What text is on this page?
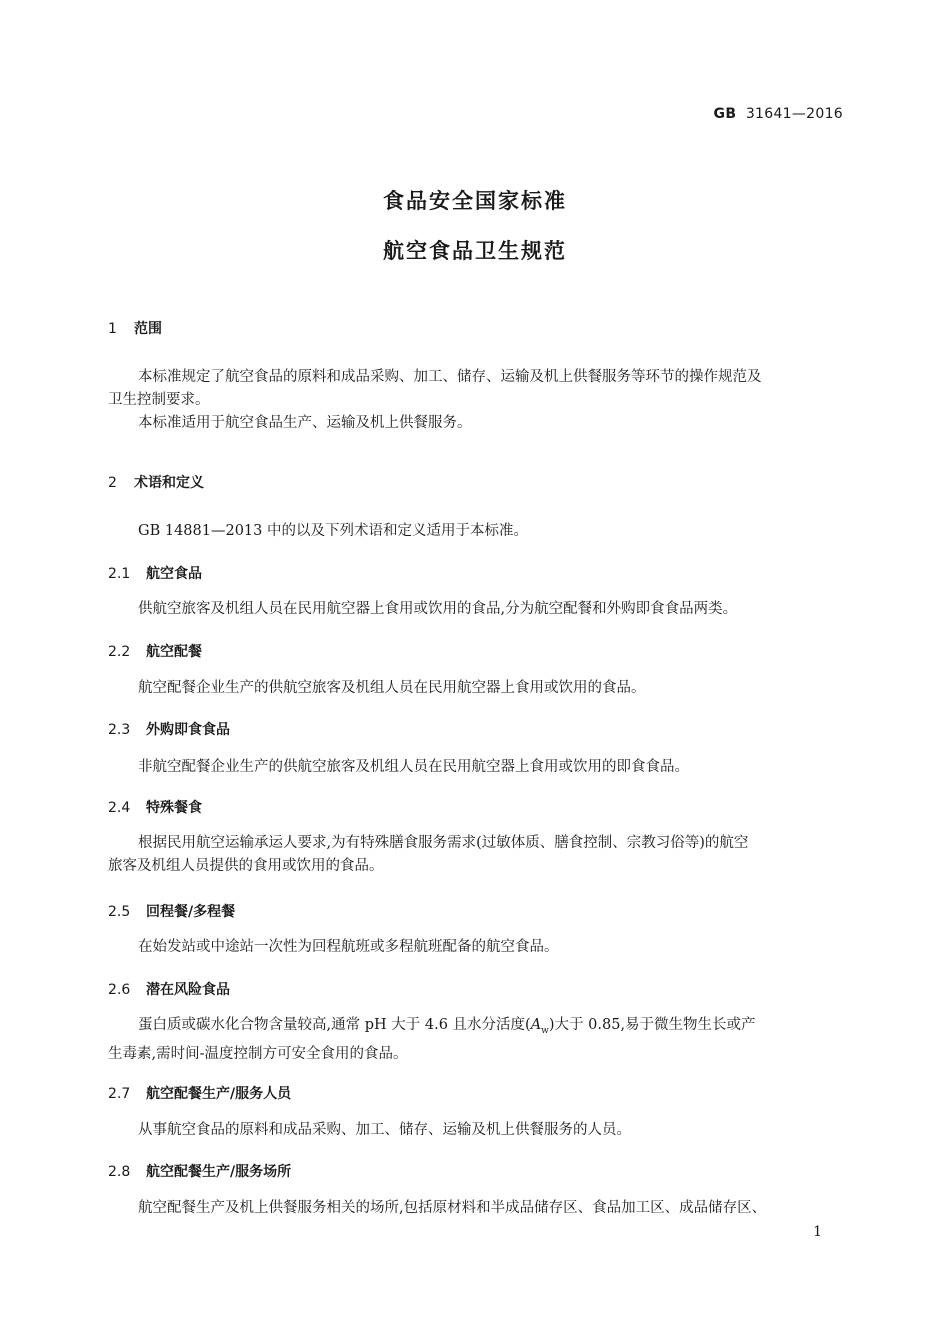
GB 31641—2016
食品安全国家标准
航空食品卫生规范
1 范围
本标准规定了航空食品的原料和成品采购、加工、储存、运输及机上供餐服务等环节的操作规范及
卫生控制要求。
本标准适用于航空食品生产、运输及机上供餐服务。
2 术语和定义
GB 14881—2013 中的以及下列术语和定义适用于本标准。
2.1 航空食品
供航空旅客及机组人员在民用航空器上食用或饮用的食品,分为航空配餐和外购即食食品两类。
2.2 航空配餐
航空配餐企业生产的供航空旅客及机组人员在民用航空器上食用或饮用的食品。
2.3 外购即食食品
非航空配餐企业生产的供航空旅客及机组人员在民用航空器上食用或饮用的即食食品。
2.4 特殊餐食
根据民用航空运输承运人要求,为有特殊膳食服务需求(过敏体质、膳食控制、宗教习俗等)的航空
旅客及机组人员提供的食用或饮用的食品。
2.5 回程餐/多程餐
在始发站或中途站一次性为回程航班或多程航班配备的航空食品。
2.6 潜在风险食品
蛋白质或碳水化合物含量较高,通常 pH 大于 4.6 且水分活度$(A_w)$大于 0.85,易于微生物生长或产
生毒素,需时间-温度控制方可安全食用的食品。
2.7 航空配餐生产/服务人员
从事航空食品的原料和成品采购、加工、储存、运输及机上供餐服务的人员。
2.8 航空配餐生产/服务场所
航空配餐生产及机上供餐服务相关的场所,包括原材料和半成品储存区、食品加工区、成品储存区、
1
